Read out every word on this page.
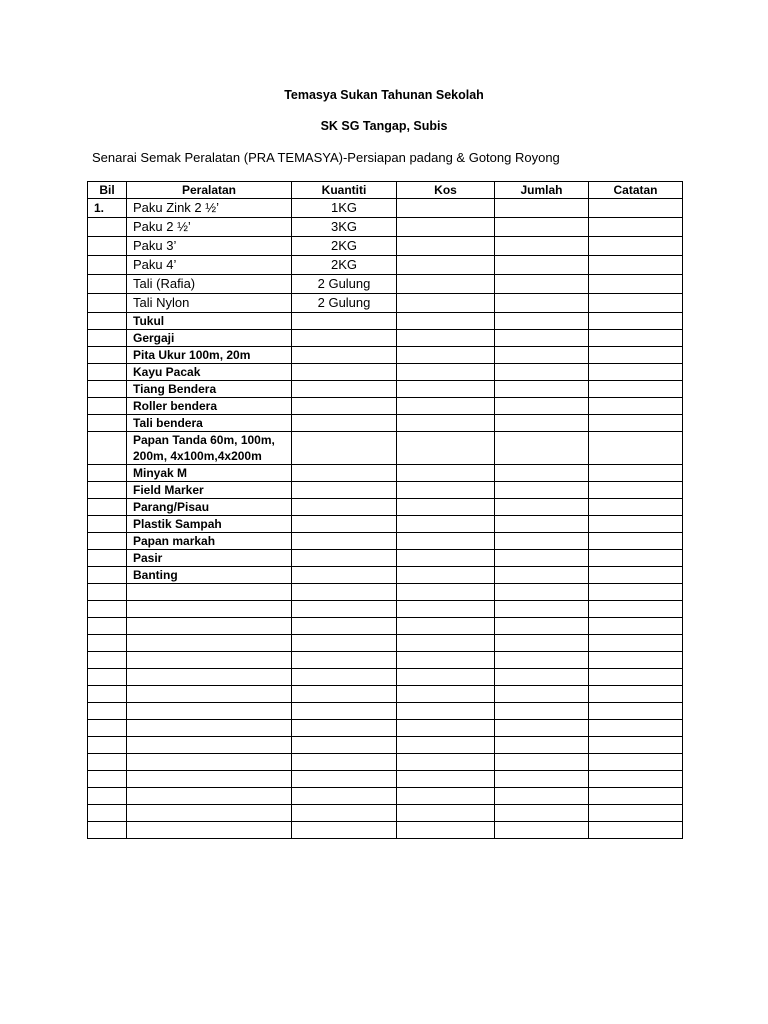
Temasya Sukan Tahunan Sekolah
SK SG Tangap, Subis
Senarai Semak Peralatan (PRA TEMASYA)-Persiapan padang & Gotong Royong
Bil	Peralatan	Kuantiti	Kos	Jumlah	Catatan
1.	Paku Zink 2 ½’	1KG			
	Paku 2 ½’	3KG			
	Paku 3’	2KG			
	Paku 4’	2KG			
	Tali (Rafia)	2 Gulung			
	Tali Nylon	2 Gulung			
	Tukul				
	Gergaji				
	Pita Ukur 100m, 20m				
	Kayu Pacak				
	Tiang Bendera				
	Roller bendera				
	Tali bendera				
	Papan Tanda 60m, 100m, 200m, 4x100m,4x200m				
	Minyak M				
	Field Marker				
	Parang/Pisau				
	Plastik Sampah				
	Papan markah				
	Pasir				
	Banting				
